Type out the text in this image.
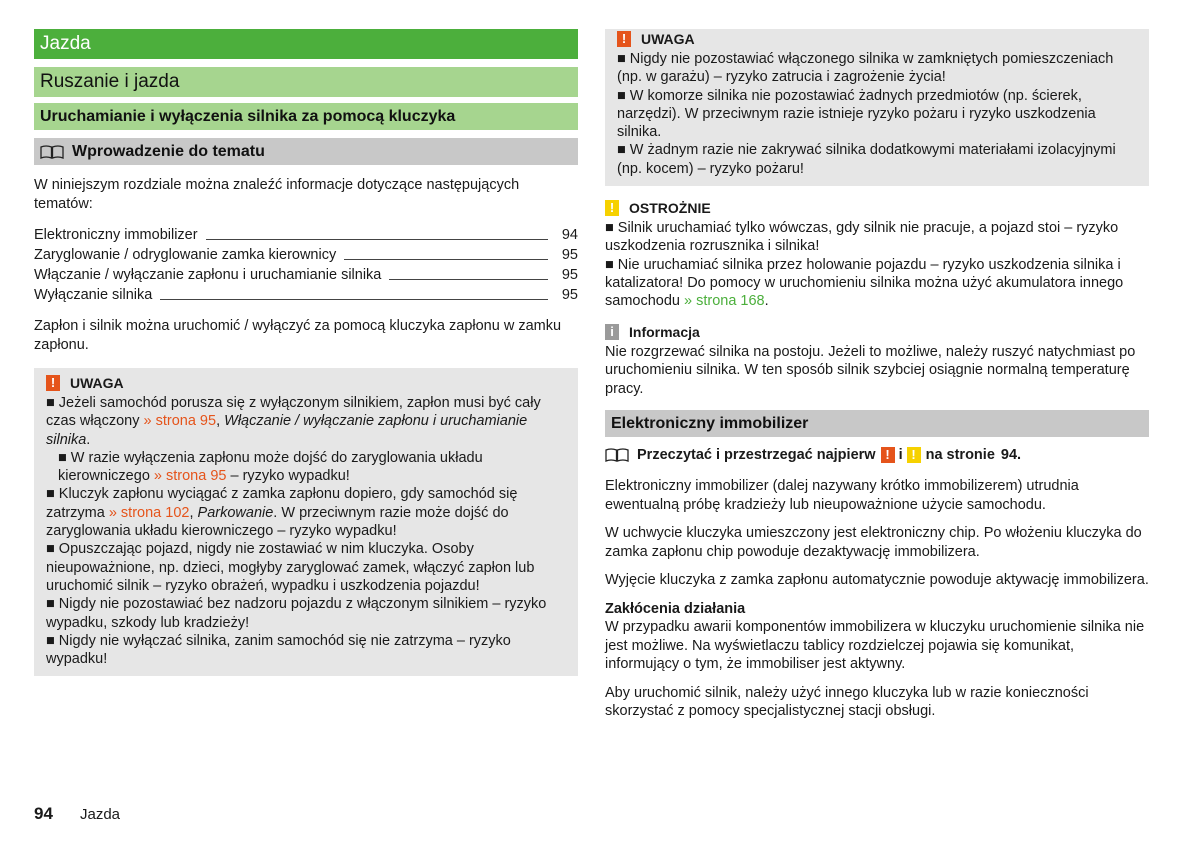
Jazda
Ruszanie i jazda
Uruchamianie i wyłączenia silnika za pomocą kluczyka
Wprowadzenie do tematu

W niniejszym rozdziale można znaleźć informacje dotyczące następujących tematów:

Elektroniczny immobilizer	94
Zaryglowanie / odryglowanie zamka kierownicy	95
Włączanie / wyłączanie zapłonu i uruchamianie silnika	95
Wyłączanie silnika	95

Zapłon i silnik można uruchomić / wyłączyć za pomocą kluczyka zapłonu w zamku zapłonu.

!	UWAGA
■ Jeżeli samochód porusza się z wyłączonym silnikiem, zapłon musi być cały czas włączony » strona 95, Włączanie / wyłączanie zapłonu i uruchamianie silnika.
■ W razie wyłączenia zapłonu może dojść do zaryglowania układu kierowniczego » strona 95 – ryzyko wypadku!
■ Kluczyk zapłonu wyciągać z zamka zapłonu dopiero, gdy samochód się zatrzyma » strona 102, Parkowanie. W przeciwnym razie może dojść do zaryglowania układu kierowniczego – ryzyko wypadku!
■ Opuszczając pojazd, nigdy nie zostawiać w nim kluczyka. Osoby nieupoważnione, np. dzieci, mogłyby zaryglować zamek, włączyć zapłon lub uruchomić silnik – ryzyko obrażeń, wypadku i uszkodzenia pojazdu!
■ Nigdy nie pozostawiać bez nadzoru pojazdu z włączonym silnikiem – ryzyko wypadku, szkody lub kradzieży!
■ Nigdy nie wyłączać silnika, zanim samochód się nie zatrzyma – ryzyko wypadku!
!	UWAGA
■ Nigdy nie pozostawiać włączonego silnika w zamkniętych pomieszczeniach (np. w garażu) – ryzyko zatrucia i zagrożenie życia!
■ W komorze silnika nie pozostawiać żadnych przedmiotów (np. ścierek, narzędzi). W przeciwnym razie istnieje ryzyko pożaru i ryzyko uszkodzenia silnika.
■ W żadnym razie nie zakrywać silnika dodatkowymi materiałami izolacyjnymi (np. kocem) – ryzyko pożaru!
!	OSTROŻNIE
■ Silnik uruchamiać tylko wówczas, gdy silnik nie pracuje, a pojazd stoi – ryzyko uszkodzenia rozrusznika i silnika!
■ Nie uruchamiać silnika przez holowanie pojazdu – ryzyko uszkodzenia silnika i katalizatora! Do pomocy w uruchomieniu silnika można użyć akumulatora innego samochodu » strona 168.
i	Informacja

Nie rozgrzewać silnika na postoju. Jeżeli to możliwe, należy ruszyć natychmiast po uruchomieniu silnika. W ten sposób silnik szybciej osiągnie normalną temperaturę pracy.

Elektroniczny immobilizer
Przeczytać i przestrzegać najpierw ! i ! na stronie 94.

Elektroniczny immobilizer (dalej nazywany krótko immobilizerem) utrudnia ewentualną próbę kradzieży lub nieupoważnione użycie samochodu.

W uchwycie kluczyka umieszczony jest elektroniczny chip. Po włożeniu kluczyka do zamka zapłonu chip powoduje dezaktywację immobilizera.

Wyjęcie kluczyka z zamka zapłonu automatycznie powoduje aktywację immobilizera.

Zakłócenia działania

W przypadku awarii komponentów immobilizera w kluczyku uruchomienie silnika nie jest możliwe. Na wyświetlaczu tablicy rozdzielczej pojawia się komunikat, informujący o tym, że immobiliser jest aktywny.

Aby uruchomić silnik, należy użyć innego kluczyka lub w razie konieczności skorzystać z pomocy specjalistycznej stacji obsługi.

94 Jazda
